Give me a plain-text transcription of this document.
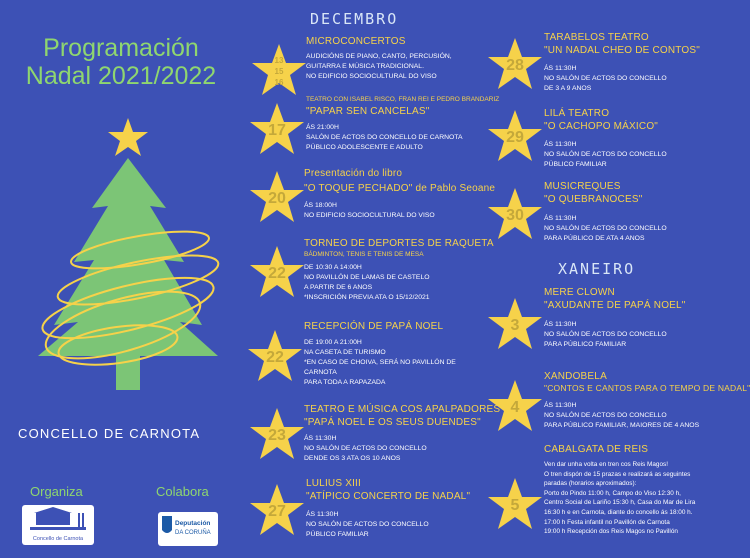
Programación
Nadal 2021/2022
CONCELLO DE CARNOTA
Organiza	Colabora
Concello de Carnota
Deputación
DA CORUÑA
DECEMBRO
XANEIRO
13
15
16
MICROCONCERTOS
AUDICIÓNS DE PIANO, CANTO, PERCUSIÓN,
GUITARRA E MÚSICA TRADICIONAL.
NO EDIFICIO SOCIOCULTURAL DO VISO
17
TEATRO CON ISABEL RISCO, FRAN REI E PEDRO BRANDARIZ
"PAPAR SEN CANCELAS"
ÁS 21:00H
SALÓN DE ACTOS DO CONCELLO DE CARNOTA
PÚBLICO ADOLESCENTE E ADULTO
20
Presentación do libro
"O TOQUE PECHADO" de Pablo Seoane
ÁS 18:00H
NO EDIFICIO SOCIOCULTURAL DO VISO
22
TORNEO DE DEPORTES DE RAQUETA
BÁDMINTON, TENIS E TENIS DE MESA
DE 10:30 A 14:00H
NO PAVILLÓN DE LAMAS DE CASTELO
A PARTIR DE 6 ANOS
*INSCRICIÓN PREVIA ATA O 15/12/2021
22
RECEPCIÓN DE PAPÁ NOEL
DE 19:00 A 21:00H
NA CASETA DE TURISMO
*EN CASO DE CHOIVA, SERÁ NO PAVILLÓN DE
CARNOTA
PARA TODA A RAPAZADA
23
TEATRO E MÚSICA COS APALPADORES
"PAPÁ NOEL E OS SEUS DUENDES"
ÁS 11:30H
NO SALÓN DE ACTOS DO CONCELLO
DENDE OS 3 ATA OS 10 ANOS
27
LULIUS XIII
"ATÍPICO CONCERTO DE NADAL"
ÁS 11:30H
NO SALÓN DE ACTOS DO CONCELLO
PÚBLICO FAMILIAR
28
TARABELOS TEATRO
"UN NADAL CHEO DE CONTOS"
ÁS 11:30H
NO SALÓN DE ACTOS DO CONCELLO
DE 3 A 9 ANOS
29
LILÁ TEATRO
"O CACHOPO MÁXICO"
ÁS 11:30H
NO SALÓN DE ACTOS DO CONCELLO
PÚBLICO FAMILIAR
30
MUSICREQUES
"O QUEBRANOCES"
ÁS 11:30H
NO SALÓN DE ACTOS DO CONCELLO
PARA PÚBLICO DE ATA 4 ANOS
3
MERE CLOWN
"AXUDANTE DE PAPÁ NOEL"
ÁS 11:30H
NO SALÓN DE ACTOS DO CONCELLO
PARA PÚBLICO FAMILIAR
4
XANDOBELA
"CONTOS E CANTOS PARA O TEMPO DE NADAL"
ÁS 11:30H
NO SALÓN DE ACTOS DO CONCELLO
PARA PÚBLICO FAMILIAR, MAIORES DE 4 ANOS
5
CABALGATA DE REIS
Ven dar unha volta en tren cos Reis Magos!
O tren dispón de 15 prazas e realizará as seguintes
paradas (horarios aproximados):
Porto do Pindo 11:00 h, Campo do Viso 12:30 h,
Centro Social de Lariño 15:30 h, Casa do Mar de Lira
16:30 h e en Carnota, diante do concello ás 18:00 h.
17:00 h Festa infantil no Pavillón de Carnota
19:00 h Recepción dos Reis Magos no Pavillón
